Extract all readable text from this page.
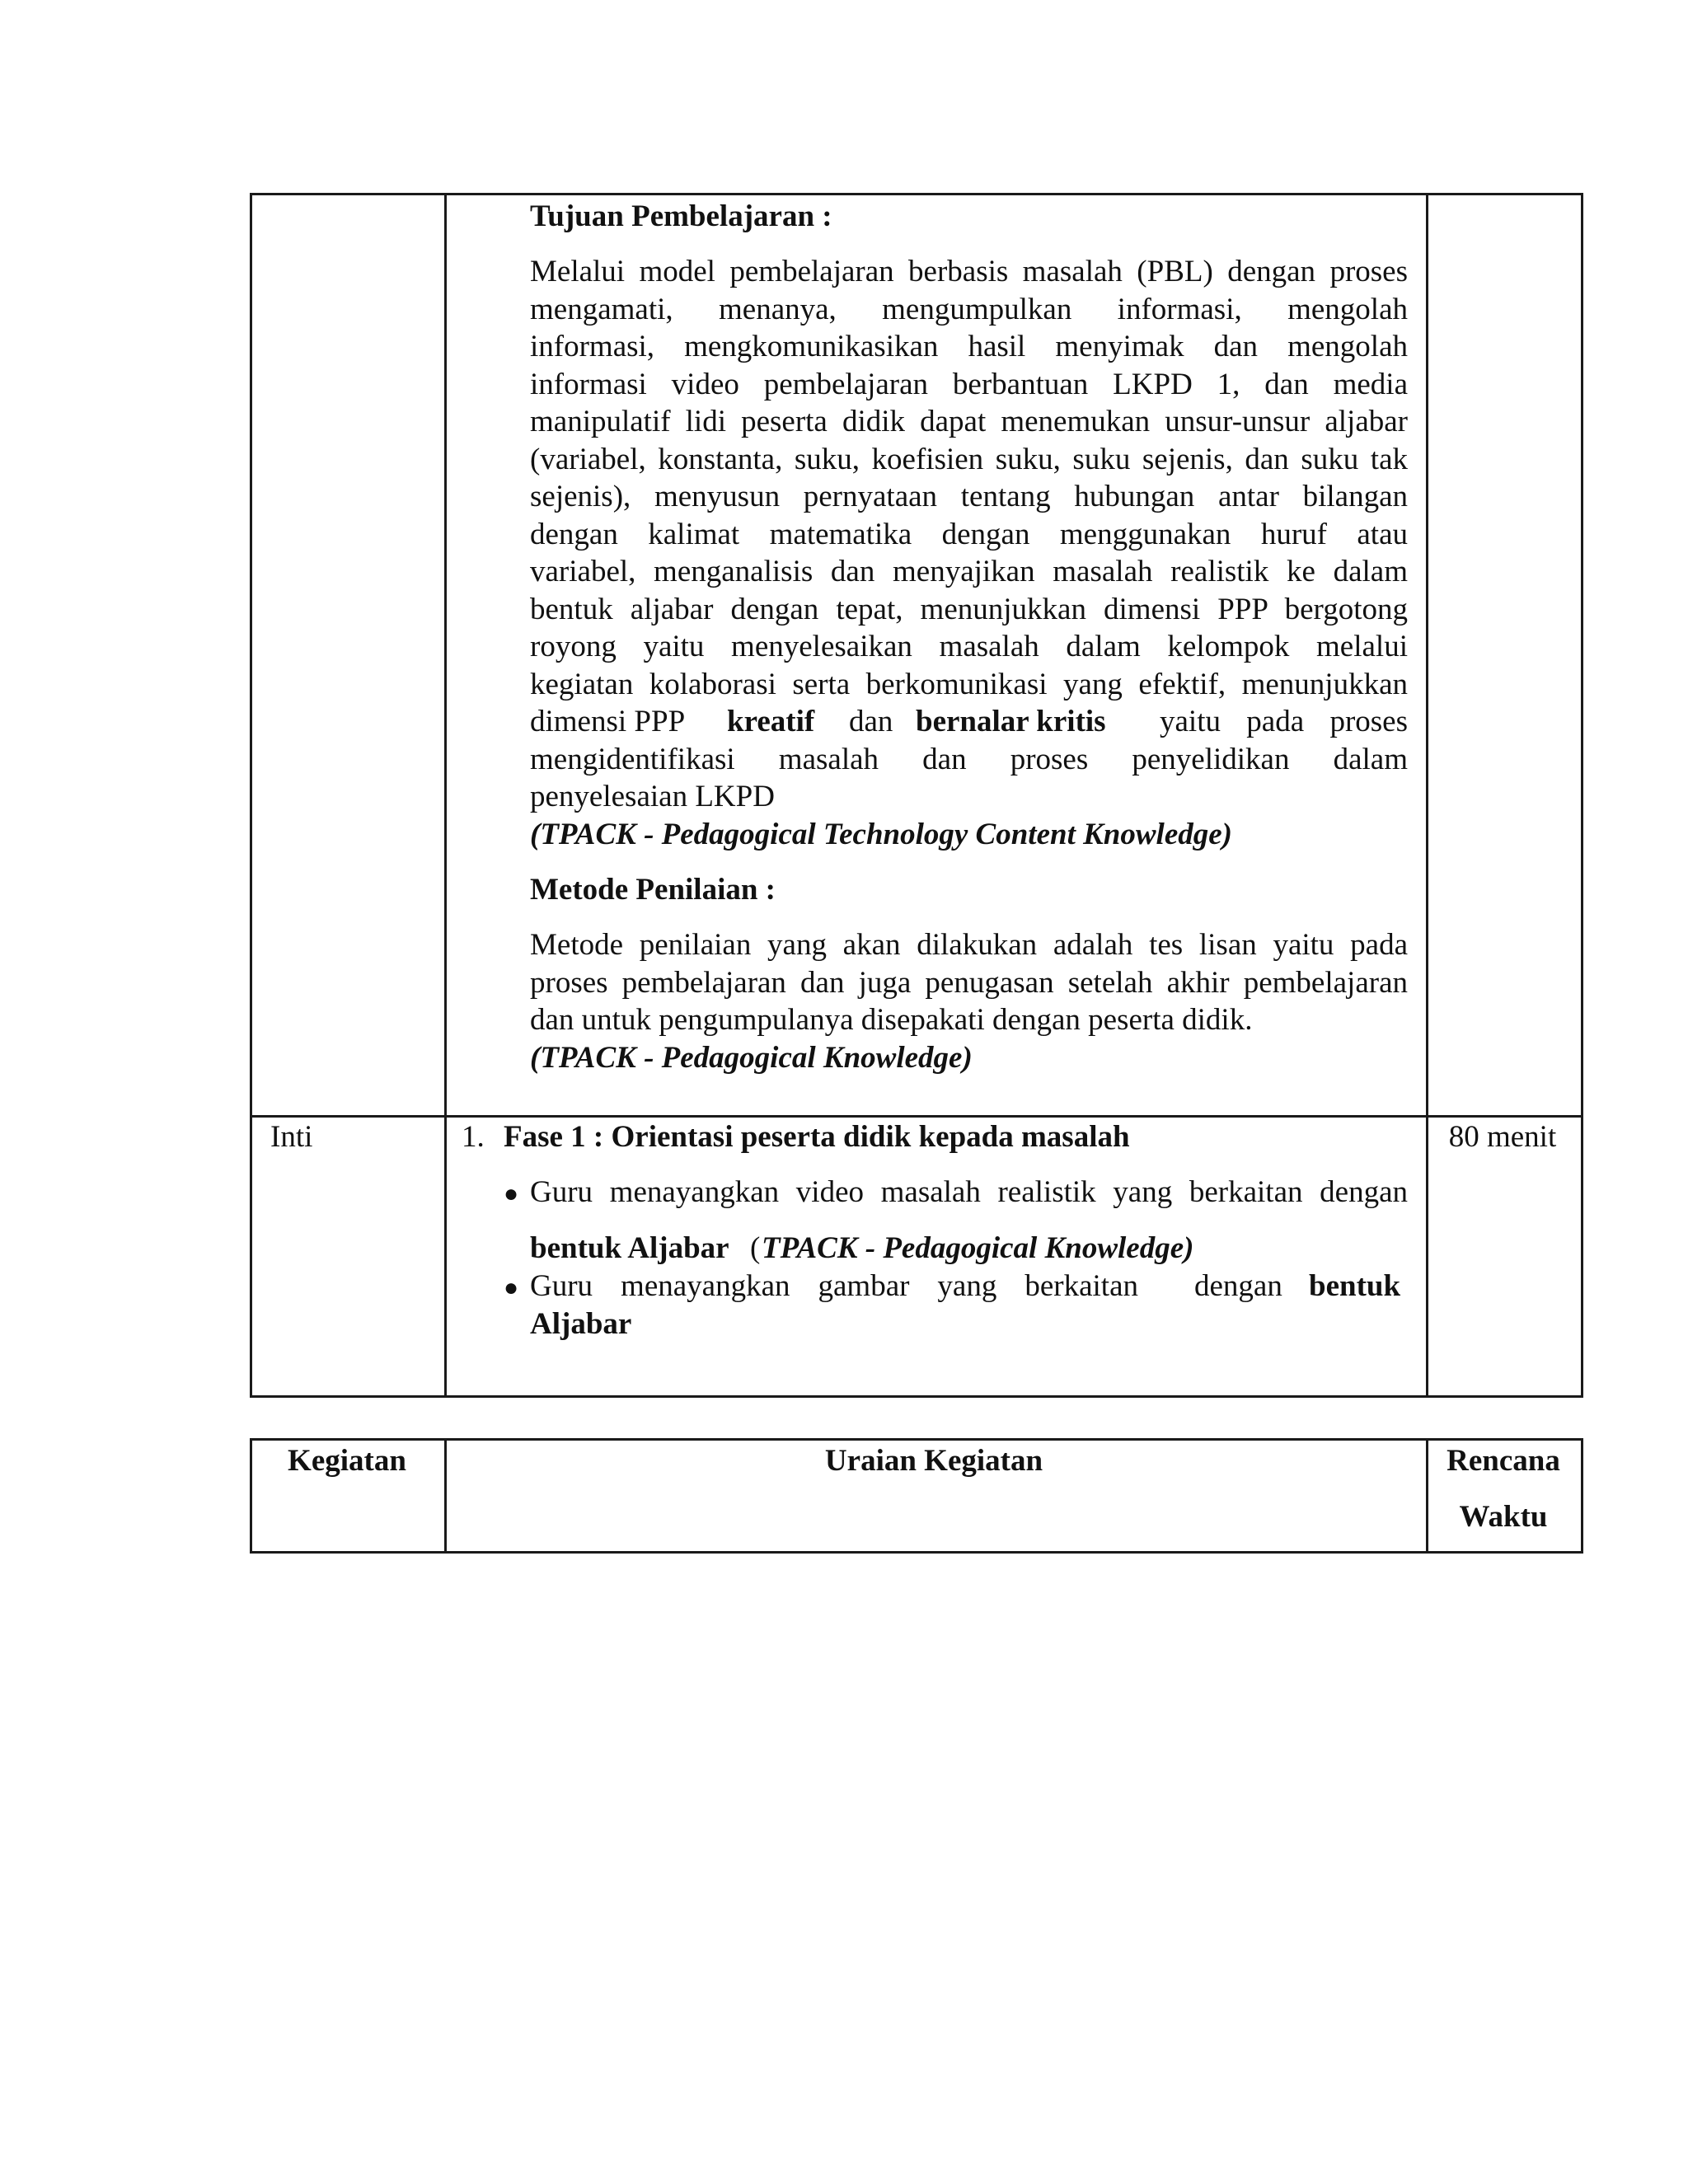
Tujuan Pembelajaran :
Melalui model pembelajaran berbasis masalah (PBL) dengan proses
mengamati, menanya, mengumpulkan informasi, mengolah
informasi, mengkomunikasikan hasil menyimak dan mengolah
informasi video pembelajaran berbantuan LKPD 1, dan media
manipulatif lidi peserta didik dapat menemukan unsur-unsur aljabar
(variabel, konstanta, suku, koefisien suku, suku sejenis, dan suku tak
sejenis), menyusun pernyataan tentang hubungan antar bilangan
dengan kalimat matematika dengan menggunakan huruf atau
variabel, menganalisis dan menyajikan masalah realistik ke dalam
bentuk aljabar dengan tepat, menunjukkan dimensi PPP bergotong
royong yaitu menyelesaikan masalah dalam kelompok melalui
kegiatan kolaborasi serta berkomunikasi yang efektif, menunjukkan
dimensi PPP kreatif dan bernalar kritis yaitu pada proses
mengidentifikasi masalah dan proses penyelidikan dalam
penyelesaian LKPD
(TPACK - Pedagogical Technology Content Knowledge)
Metode Penilaian :
Metode penilaian yang akan dilakukan adalah tes lisan yaitu pada
proses pembelajaran dan juga penugasan setelah akhir pembelajaran
dan untuk pengumpulanya disepakati dengan peserta didik.
(TPACK - Pedagogical Knowledge)
Inti	1. Fase 1 : Orientasi peserta didik kepada masalah	80 menit
● Guru menayangkan video masalah realistik yang berkaitan dengan
bentuk Aljabar ( TPACK - Pedagogical Knowledge)
● Guru menayangkan gambar yang berkaitan dengan bentuk
Aljabar
Kegiatan	Uraian Kegiatan	Rencana
Waktu
